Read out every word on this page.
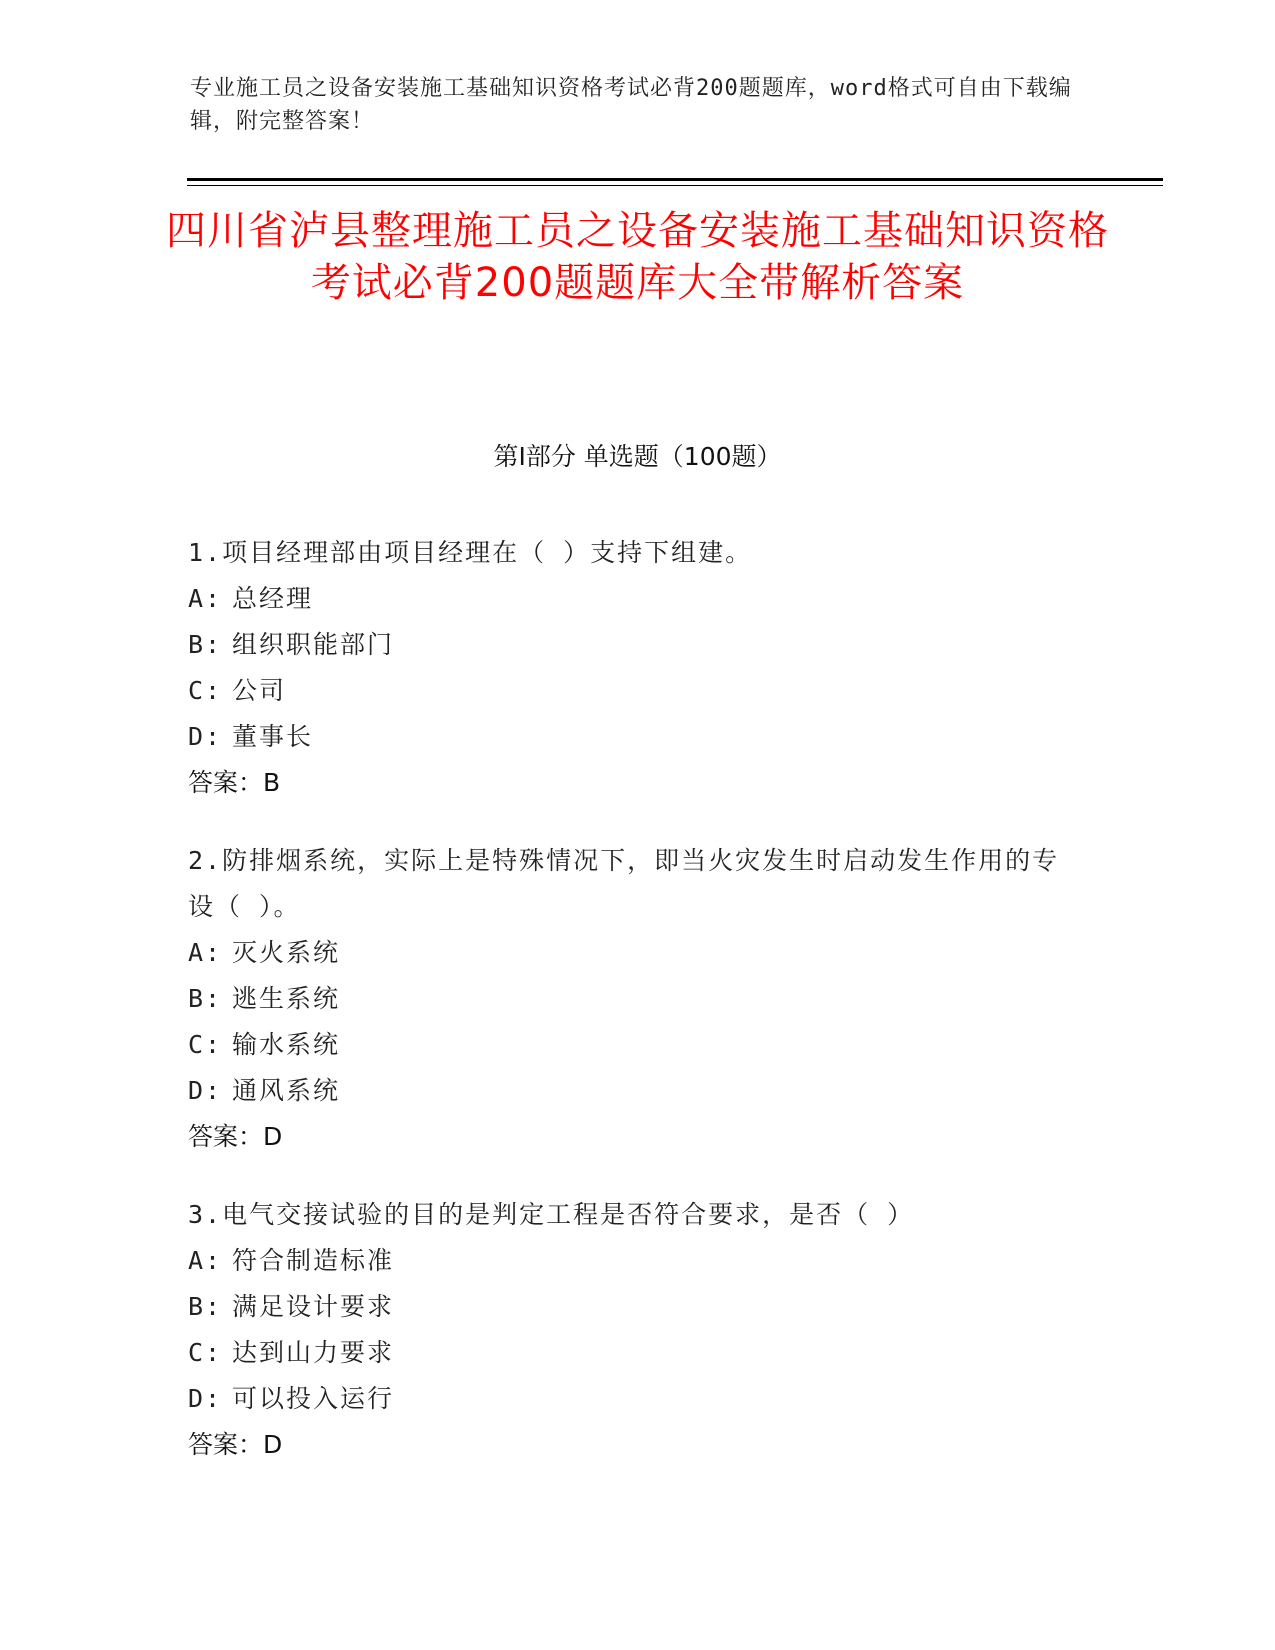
专业施工员之设备安装施工基础知识资格考试必背200题题库，word格式可自由下载编辑，附完整答案！
四川省泸县整理施工员之设备安装施工基础知识资格考试必背200题题库大全带解析答案
第I部分 单选题（100题）
1.项目经理部由项目经理在（ ）支持下组建。
A: 总经理
B: 组织职能部门
C: 公司
D: 董事长
答案：B
2.防排烟系统，实际上是特殊情况下，即当火灾发生时启动发生作用的专设（ ）。
A: 灭火系统
B: 逃生系统
C: 输水系统
D: 通风系统
答案：D
3.电气交接试验的目的是判定工程是否符合要求，是否（ ）
A: 符合制造标准
B: 满足设计要求
C: 达到山力要求
D: 可以投入运行
答案：D
